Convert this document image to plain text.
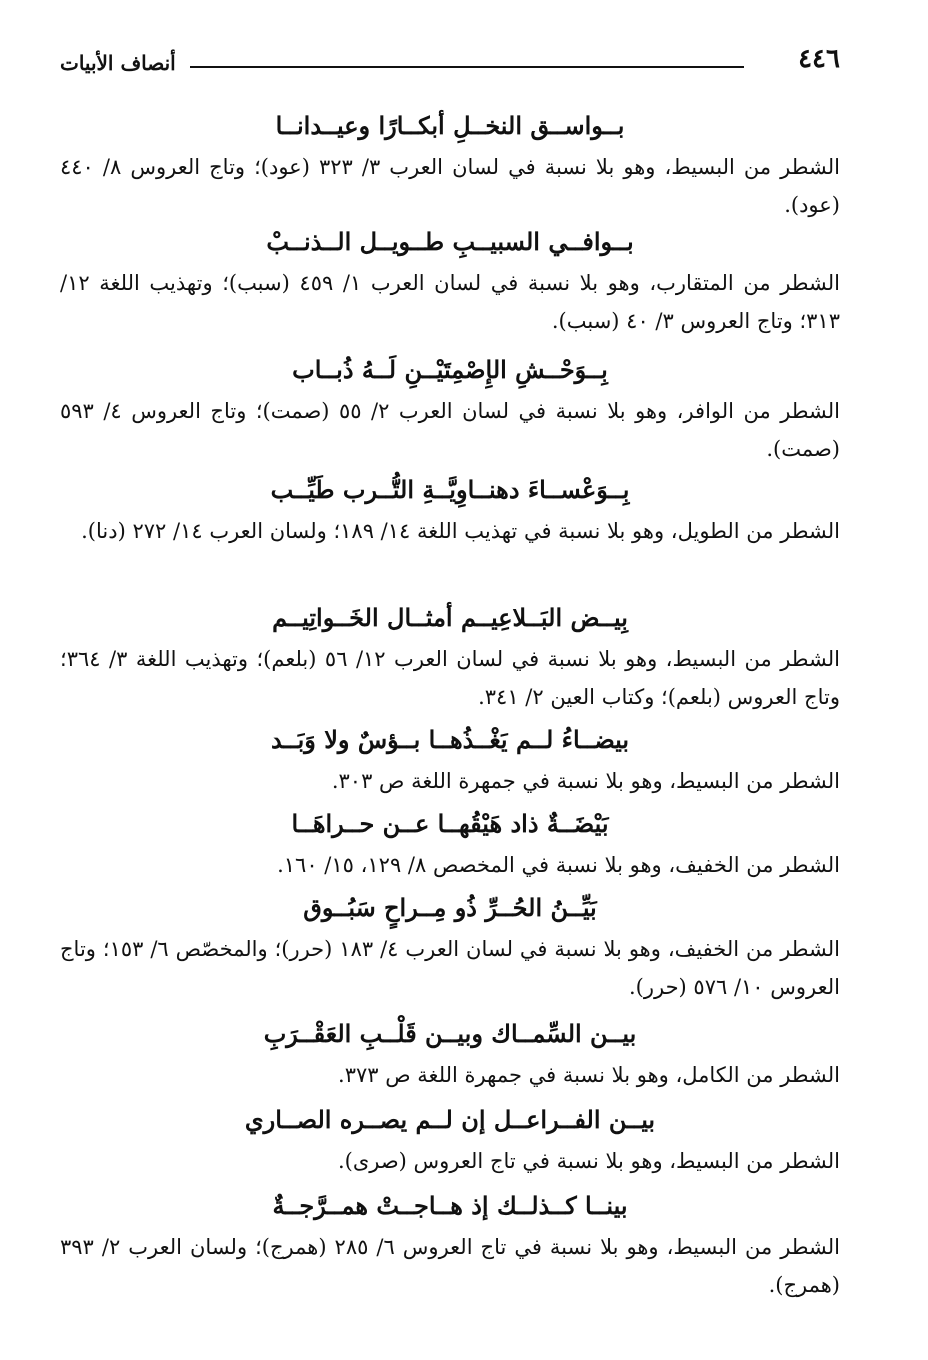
٤٤٦
أنصاف الأبيات
بــواســق النخــلِ أبكــارًا وعيــدانــا

الشطر من البسيط، وهو بلا نسبة في لسان العرب ٣/ ٣٢٣ (عود)؛ وتاج العروس ٨/ ٤٤٠ (عود).

بــوافــي السبيــبِ طــويــل الــذنــبْ

الشطر من المتقارب، وهو بلا نسبة في لسان العرب ١/ ٤٥٩ (سبب)؛ وتهذيب اللغة ١٢/ ٣١٣؛ وتاج العروس ٣/ ٤٠ (سبب).

بِــوَحْــشِ الإِصْمِتَيْــنِ لَــهُ ذُبــاب

الشطر من الوافر، وهو بلا نسبة في لسان العرب ٢/ ٥٥ (صمت)؛ وتاج العروس ٤/ ٥٩٣ (صمت).

بِــوَعْســاءَ دهنــاوِيَّــةِ التُّــرب طَيِّــب

الشطر من الطويل، وهو بلا نسبة في تهذيب اللغة ١٤/ ١٨٩؛ ولسان العرب ١٤/ ٢٧٢ (دنا).

بِيــض البَــلاعِيــم أمثــال الخَــواتِيــم

الشطر من البسيط، وهو بلا نسبة في لسان العرب ١٢/ ٥٦ (بلعم)؛ وتهذيب اللغة ٣/ ٣٦٤؛ وتاج العروس (بلعم)؛ وكتاب العين ٢/ ٣٤١.

بيضــاءُ لــم يَغْــذُهــا بــؤسٌ ولا وَبَــد

الشطر من البسيط، وهو بلا نسبة في جمهرة اللغة ص ٣٠٣.

بَيْضَــةٌ ذاد هَيْقُهــا عــن حــراهَــا

الشطر من الخفيف، وهو بلا نسبة في المخصص ٨/ ١٢٩، ١٥/ ١٦٠.

بَيِّــنُ الحُــرِّ ذُو مِــراحٍ سَبُــوق

الشطر من الخفيف، وهو بلا نسبة في لسان العرب ٤/ ١٨٣ (حرر)؛ والمخصّص ٦/ ١٥٣؛ وتاج العروس ١٠/ ٥٧٦ (حرر).

بيــن السِّمــاك وبيــن قَلْــبِ العَقْــرَبِ

الشطر من الكامل، وهو بلا نسبة في جمهرة اللغة ص ٣٧٣.

بيــن الفــراعــل إن لــم يصــره الصــاري

الشطر من البسيط، وهو بلا نسبة في تاج العروس (صرى).

بينــا كــذلــك إذ هــاجــتْ همــرَّجــةٌ

الشطر من البسيط، وهو بلا نسبة في تاج العروس ٦/ ٢٨٥ (همرج)؛ ولسان العرب ٢/ ٣٩٣ (همرج).
